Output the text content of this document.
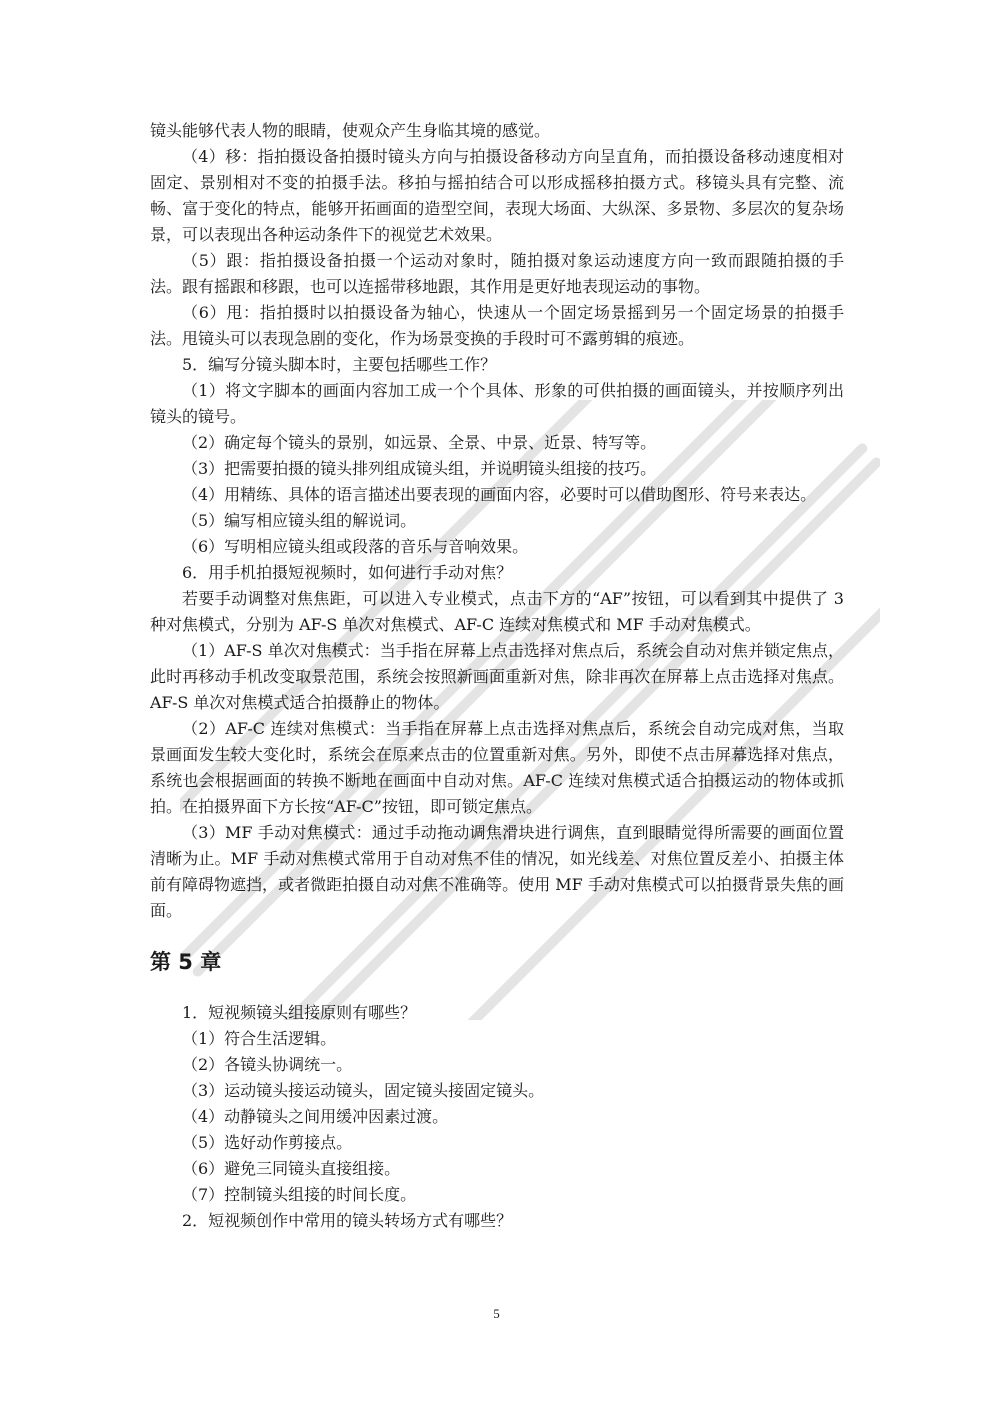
镜头能够代表人物的眼睛，使观众产生身临其境的感觉。

（4）移：指拍摄设备拍摄时镜头方向与拍摄设备移动方向呈直角，而拍摄设备移动速度相对固定、景别相对不变的拍摄手法。移拍与摇拍结合可以形成摇移拍摄方式。移镜头具有完整、流畅、富于变化的特点，能够开拓画面的造型空间，表现大场面、大纵深、多景物、多层次的复杂场景，可以表现出各种运动条件下的视觉艺术效果。

（5）跟：指拍摄设备拍摄一个运动对象时，随拍摄对象运动速度方向一致而跟随拍摄的手法。跟有摇跟和移跟，也可以连摇带移地跟，其作用是更好地表现运动的事物。

（6）甩：指拍摄时以拍摄设备为轴心，快速从一个固定场景摇到另一个固定场景的拍摄手法。甩镜头可以表现急剧的变化，作为场景变换的手段时可不露剪辑的痕迹。

5．编写分镜头脚本时，主要包括哪些工作？

（1）将文字脚本的画面内容加工成一个个具体、形象的可供拍摄的画面镜头，并按顺序列出镜头的镜号。

（2）确定每个镜头的景别，如远景、全景、中景、近景、特写等。

（3）把需要拍摄的镜头排列组成镜头组，并说明镜头组接的技巧。

（4）用精练、具体的语言描述出要表现的画面内容，必要时可以借助图形、符号来表达。

（5）编写相应镜头组的解说词。

（6）写明相应镜头组或段落的音乐与音响效果。

6．用手机拍摄短视频时，如何进行手动对焦？

若要手动调整对焦焦距，可以进入专业模式，点击下方的“AF”按钮，可以看到其中提供了 3 种对焦模式，分别为 AF-S 单次对焦模式、AF-C 连续对焦模式和 MF 手动对焦模式。

（1）AF-S 单次对焦模式：当手指在屏幕上点击选择对焦点后，系统会自动对焦并锁定焦点，此时再移动手机改变取景范围，系统会按照新画面重新对焦，除非再次在屏幕上点击选择对焦点。AF-S 单次对焦模式适合拍摄静止的物体。

（2）AF-C 连续对焦模式：当手指在屏幕上点击选择对焦点后，系统会自动完成对焦，当取景画面发生较大变化时，系统会在原来点击的位置重新对焦。另外，即使不点击屏幕选择对焦点，系统也会根据画面的转换不断地在画面中自动对焦。AF-C 连续对焦模式适合拍摄运动的物体或抓拍。在拍摄界面下方长按“AF-C”按钮，即可锁定焦点。

（3）MF 手动对焦模式：通过手动拖动调焦滑块进行调焦，直到眼睛觉得所需要的画面位置清晰为止。MF 手动对焦模式常用于自动对焦不佳的情况，如光线差、对焦位置反差小、拍摄主体前有障碍物遮挡，或者微距拍摄自动对焦不准确等。使用 MF 手动对焦模式可以拍摄背景失焦的画面。

第 5 章

1．短视频镜头组接原则有哪些？

（1）符合生活逻辑。

（2）各镜头协调统一。

（3）运动镜头接运动镜头，固定镜头接固定镜头。

（4）动静镜头之间用缓冲因素过渡。

（5）选好动作剪接点。

（6）避免三同镜头直接组接。

（7）控制镜头组接的时间长度。

2．短视频创作中常用的镜头转场方式有哪些？

5
